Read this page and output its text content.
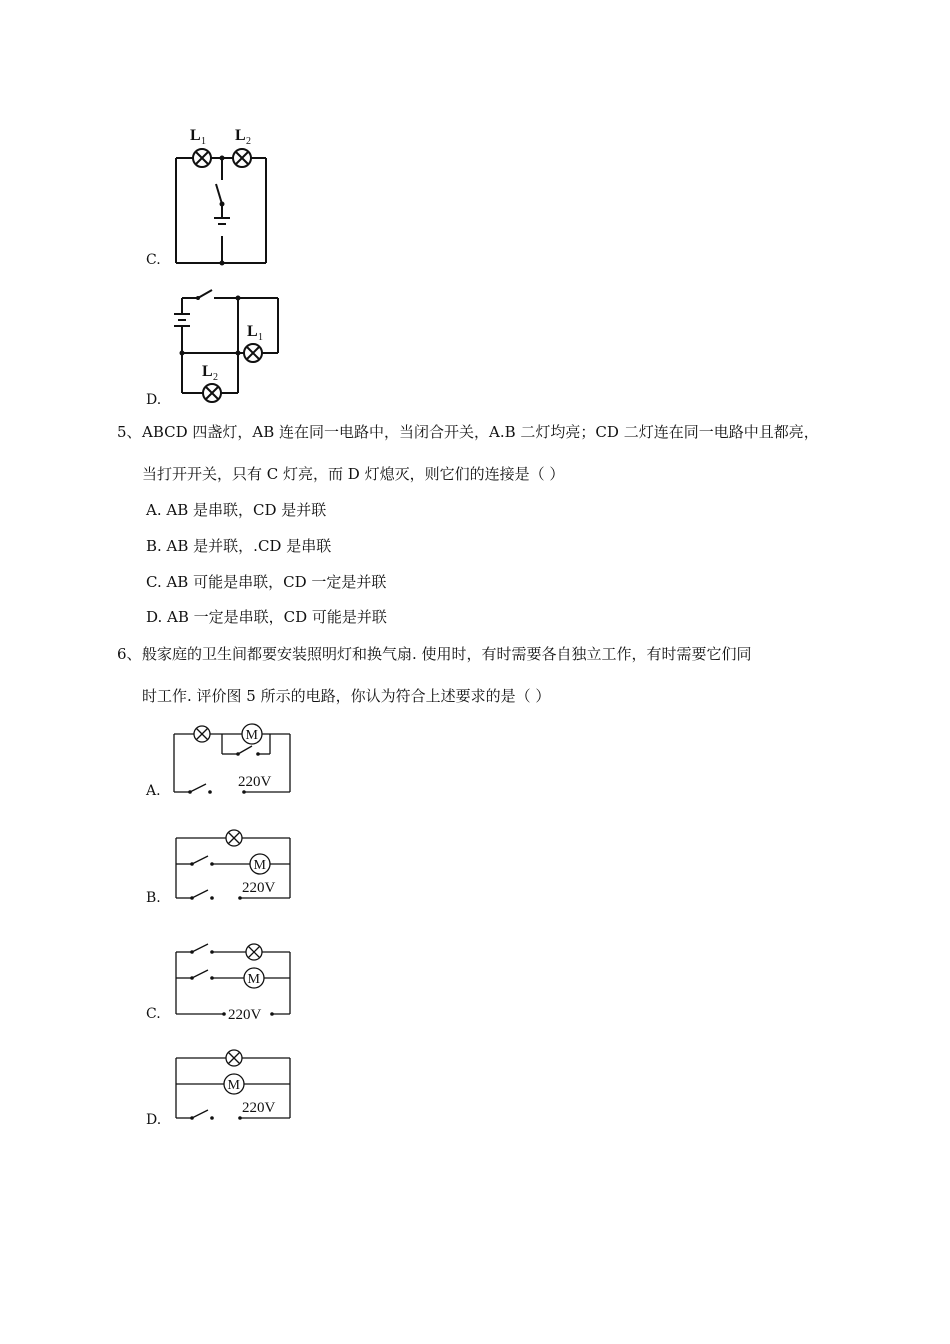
L 1 L 2
C.
L 1
L 2
D.
5、 ABCD 四盏灯，AB 连在同一电路中，当闭合开关，A.B 二灯均亮；CD 二灯连在同一电路中且都亮，
当打开开关，只有 C 灯亮，而 D 灯熄灭，则它们的连接是（ ）
A. AB 是串联，CD 是并联
B. AB 是并联，.CD 是串联
C. AB 可能是串联，CD 一定是并联
D. AB 一定是串联，CD 可能是并联
6、 般家庭的卫生间都要安装照明灯和换气扇. 使用时，有时需要各自独立工作，有时需要它们同
时工作. 评价图 5 所示的电路，你认为符合上述要求的是（ ）
M
220V
A.
M
220V
B.
M
220V
C.
M
220V
D.
